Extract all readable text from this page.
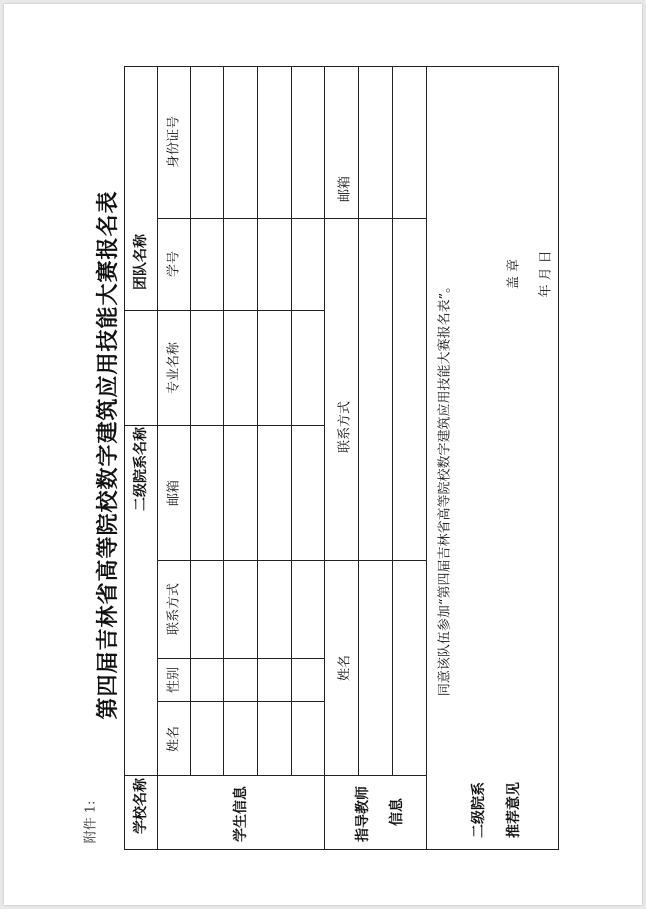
附件 1:
第四届吉林省高等院校数字建筑应用技能大赛报名表
学校名称
二级院系名称
团队名称
学生信息
姓名
性别
联系方式
邮箱
专业名称
学号
身份证号
指导教师 信息
姓名
联系方式
邮箱
二级院系 推荐意见
同意该队伍参加“第四届吉林省高等院校数字建筑应用技能大赛报名表”。
盖 章 年 月 日
